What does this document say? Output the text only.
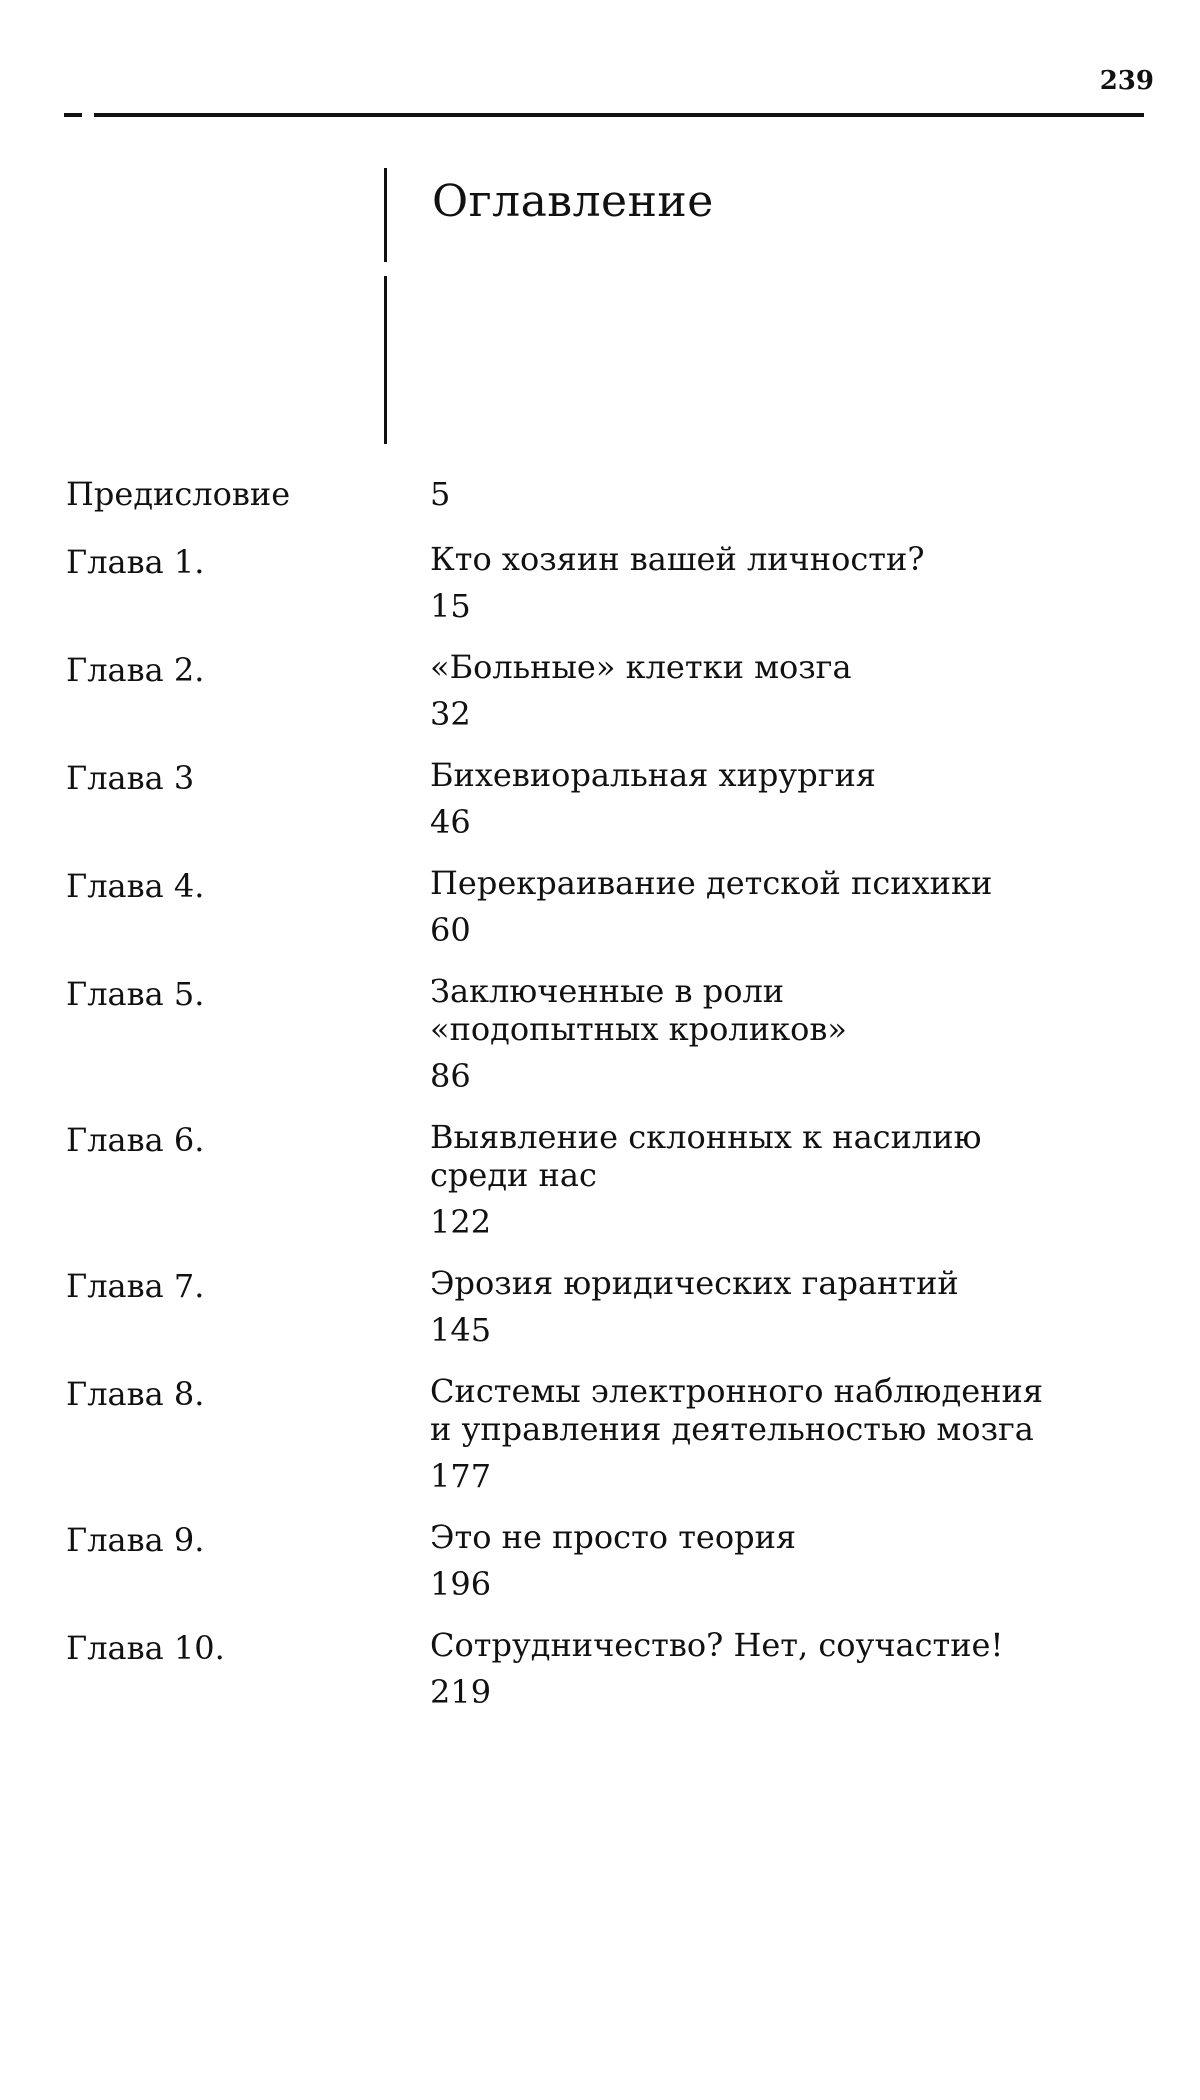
239
Оглавление
Предисловие	5
Глава 1.	Кто хозяин вашей личности?
15
Глава 2.	«Больные» клетки мозга
32
Глава 3	Бихевиоральная хирургия
46
Глава 4.	Перекраивание детской психики
60
Глава 5.	Заключенные в роли
«подопытных кроликов»
86
Глава 6.	Выявление склонных к насилию
среди нас
122
Глава 7.	Эрозия юридических гарантий
145
Глава 8.	Системы электронного наблюдения
и управления деятельностью мозга
177
Глава 9.	Это не просто теория
196
Глава 10.	Сотрудничество? Нет, соучастие!
219
